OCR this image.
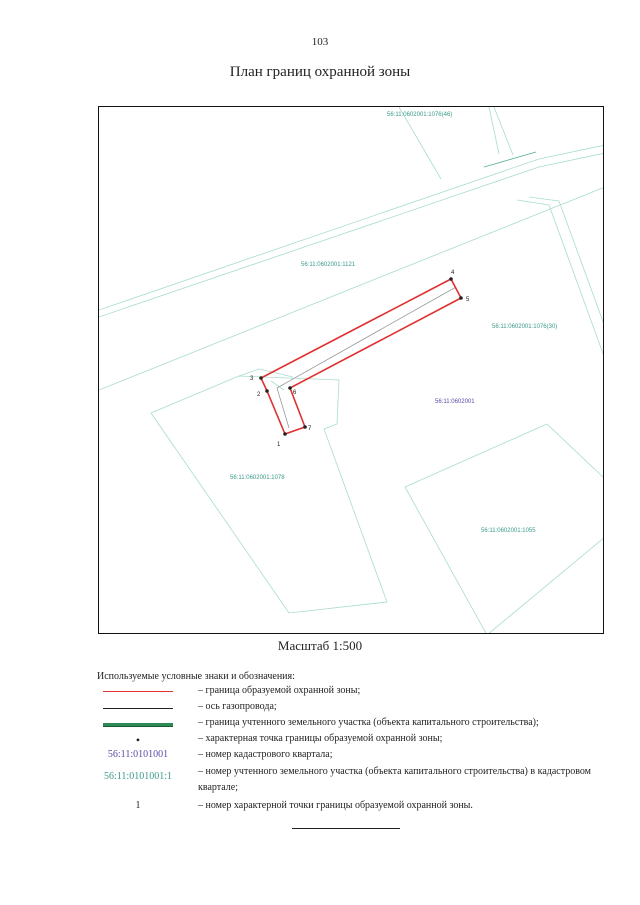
103
План границ охранной зоны
1
2
3
4
5
6
7
56:11:0602001:1076(46)
56:11:0602001:1121
56:11:0602001:1076(30)
56:11:0602001
56:11:0602001:1078
56:11:0602001:1055
Масштаб 1:500
Используемые условные знаки и обозначения:
– граница образуемой охранной зоны;
– ось газопровода;
– граница учтенного земельного участка (объекта капитального строительства);
•	– характерная точка границы образуемой охранной зоны;
56:11:0101001	– номер кадастрового квартала;
56:11:0101001:1	– номер учтенного земельного участка (объекта капитального строительства) в кадастровом квартале;
1	– номер характерной точки границы образуемой охранной зоны.
